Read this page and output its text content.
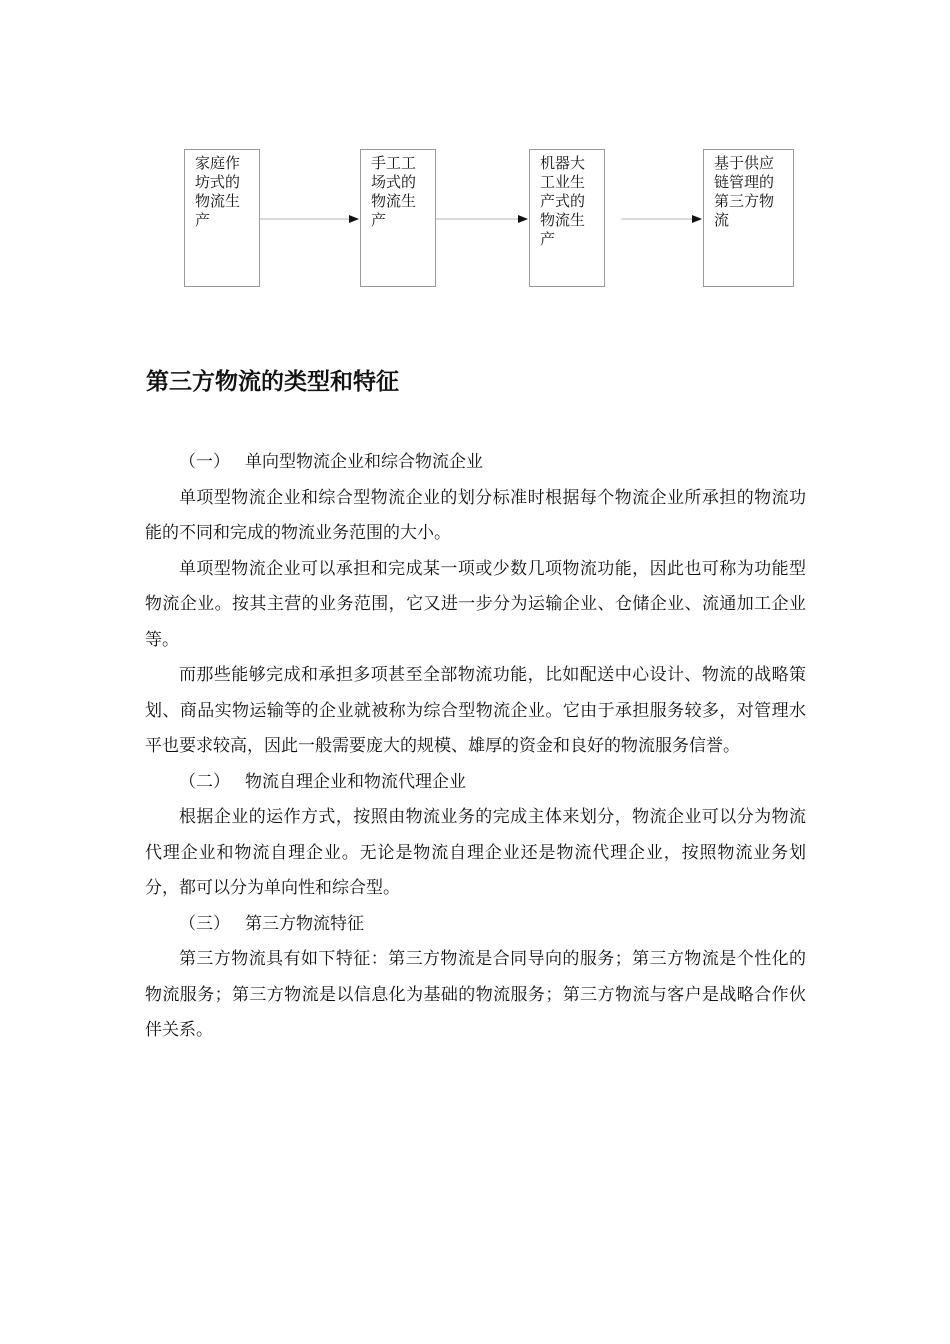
家庭作坊式的物流生产
手工工场式的物流生产
机器大工业生产式的物流生产
基于供应链管理的第三方物流
第三方物流的类型和特征

（一） 单向型物流企业和综合物流企业

单项型物流企业和综合型物流企业的划分标准时根据每个物流企业所承担的物流功能的不同和完成的物流业务范围的大小。

单项型物流企业可以承担和完成某一项或少数几项物流功能，因此也可称为功能型物流企业。按其主营的业务范围，它又进一步分为运输企业、仓储企业、流通加工企业等。

而那些能够完成和承担多项甚至全部物流功能，比如配送中心设计、物流的战略策划、商品实物运输等的企业就被称为综合型物流企业。它由于承担服务较多，对管理水平也要求较高，因此一般需要庞大的规模、雄厚的资金和良好的物流服务信誉。

（二） 物流自理企业和物流代理企业

根据企业的运作方式，按照由物流业务的完成主体来划分，物流企业可以分为物流代理企业和物流自理企业。无论是物流自理企业还是物流代理企业，按照物流业务划分，都可以分为单向性和综合型。

（三） 第三方物流特征

第三方物流具有如下特征：第三方物流是合同导向的服务；第三方物流是个性化的物流服务；第三方物流是以信息化为基础的物流服务；第三方物流与客户是战略合作伙伴关系。
